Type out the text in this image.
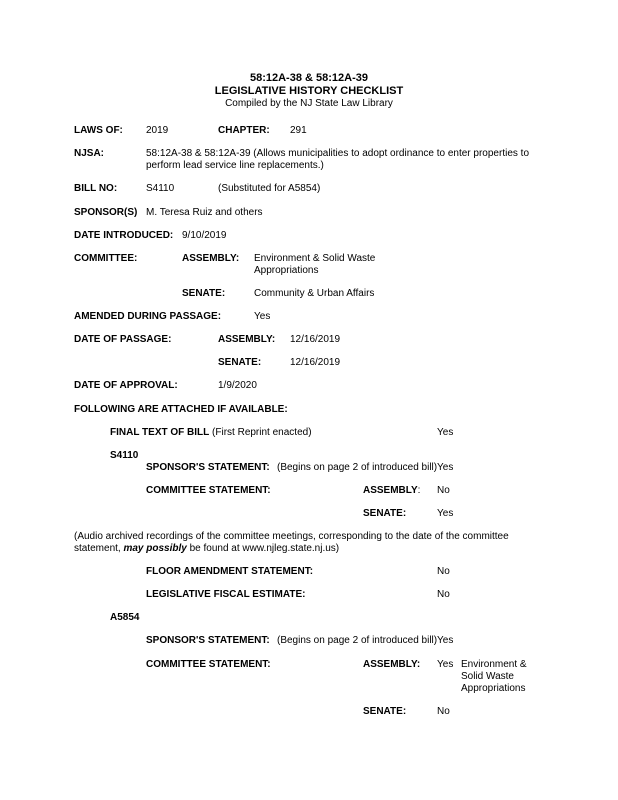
58:12A-38 & 58:12A-39
LEGISLATIVE HISTORY CHECKLIST
Compiled by the NJ State Law Library
LAWS OF: 2019	CHAPTER: 291
NJSA:	58:12A-38 & 58:12A-39 (Allows municipalities to adopt ordinance to enter properties to
perform lead service line replacements.)
BILL NO:	S4110	(Substituted for A5854)
SPONSOR(S) M. Teresa Ruiz and others
DATE INTRODUCED: 9/10/2019
COMMITTEE:	ASSEMBLY: Environment & Solid Waste
Appropriations
SENATE:	Community & Urban Affairs
AMENDED DURING PASSAGE:	Yes
DATE OF PASSAGE:	ASSEMBLY: 12/16/2019
SENATE:	12/16/2019
DATE OF APPROVAL:	1/9/2020
FOLLOWING ARE ATTACHED IF AVAILABLE:
FINAL TEXT OF BILL (First Reprint enacted)	Yes
S4110
SPONSOR'S STATEMENT: (Begins on page 2 of introduced bill) Yes
COMMITTEE STATEMENT:	ASSEMBLY: No
SENATE:	Yes
(Audio archived recordings of the committee meetings, corresponding to the date of the committee
statement, may possibly be found at www.njleg.state.nj.us)
FLOOR AMENDMENT STATEMENT:	No
LEGISLATIVE FISCAL ESTIMATE:	No
A5854
SPONSOR'S STATEMENT: (Begins on page 2 of introduced bill) Yes
COMMITTEE STATEMENT:	ASSEMBLY: Yes Environment &
Solid Waste
Appropriations
SENATE:	No
